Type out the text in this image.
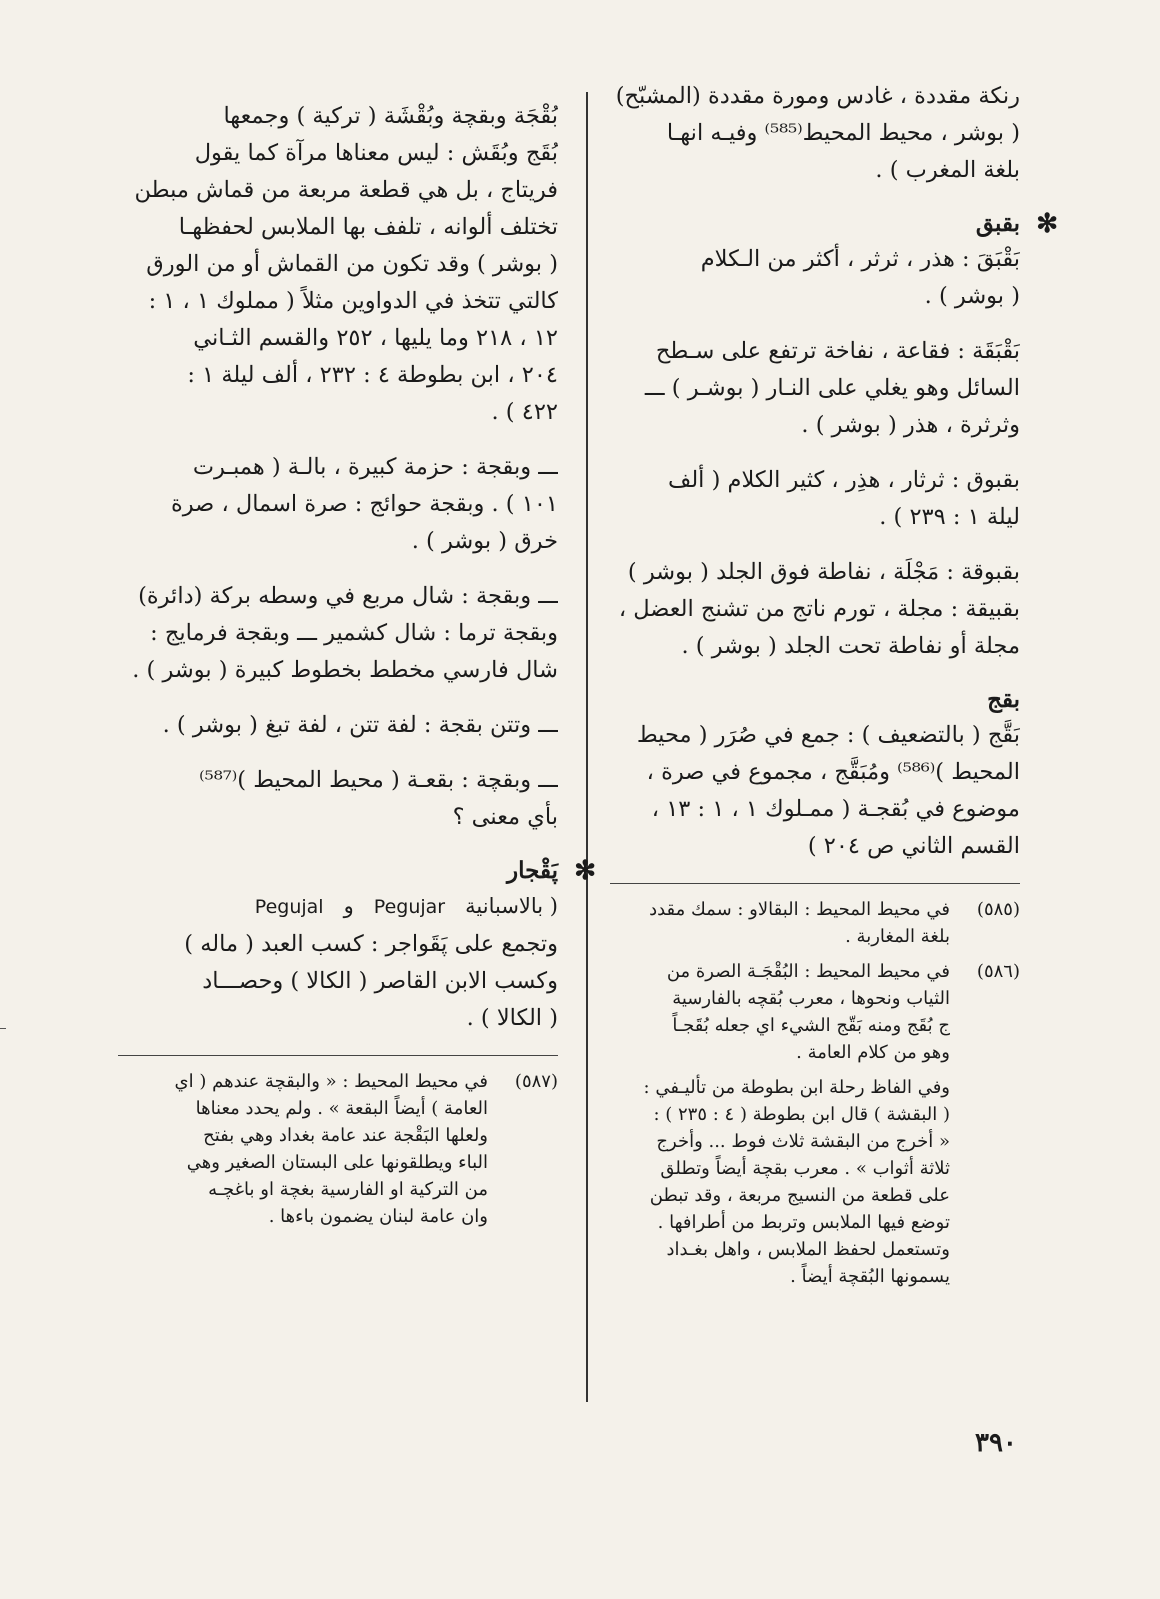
رنكة مقددة ، غادس ومورة مقددة (المشبّح)
( بوشر ، محيط المحيط⁽⁵⁸⁵⁾ وفيـه انهـا
بلغة المغرب ) .
✻
بقبق
بَقْبَقَ : هذر ، ثرثر ، أكثر من الـكلام
( بوشر ) .
بَقْبَقَة : فقاعة ، نفاخة ترتفع على سـطح
السائل وهو يغلي على النـار ( بوشـر ) ـــ
وثرثرة ، هذر ( بوشر ) .
بقبوق : ثرثار ، هذِر ، كثير الكلام ( ألف
ليلة ١ : ٢٣٩ ) .
بقبوقة : مَجْلَة ، نفاطة فوق الجلد ( بوشر )
بقبيقة : مجلة ، تورم ناتج من تشنج العضل ،
مجلة أو نفاطة تحت الجلد ( بوشر ) .
بقج
بَقَّج ( بالتضعيف ) : جمع في صُرَر ( محيط
المحيط )⁽⁵⁸⁶⁾ ومُبَقَّج ، مجموع في صرة ،
موضوع في بُقجـة ( ممـلوك ١ ، ١ : ١٣ ،
القسم الثاني ص ٢٠٤ )
(٥٨٥)
في محيط المحيط : البقالاو : سمك مقدد
بلغة المغاربة .
(٥٨٦)
في محيط المحيط : البُقْجَـة الصرة من
الثياب ونحوها ، معرب بُقچه بالفارسية
ج بُقَج ومنه بَقّج الشيء اي جعله بُقَجـاً
وهو من كلام العامة .
وفي الفاظ رحلة ابن بطوطة من تأليـفي :
( البقشة ) قال ابن بطوطة ( ٤ : ٢٣٥ ) :
« أخرج من البقشة ثلاث فوط ... وأخرج
ثلاثة أثواب » . معرب بقچة أيضاً وتطلق
على قطعة من النسيج مربعة ، وقد تبطن
توضع فيها الملابس وتربط من أطرافها .
وتستعمل لحفظ الملابس ، واهل بغـداد
يسمونها البُقچة أيضاً .
بُقْجَة وبقچة وبُقْشَة ( تركية ) وجمعها
بُقَج وبُقَش : ليس معناها مرآة كما يقول
فريتاج ، بل هي قطعة مربعة من قماش مبطن
تختلف ألوانه ، تلفف بها الملابس لحفظهـا
( بوشر ) وقد تكون من القماش أو من الورق
كالتي تتخذ في الدواوين مثلاً ( مملوك ١ ، ١ :
١٢ ، ٢١٨ وما يليها ، ٢٥٢ والقسم الثـاني
٢٠٤ ، ابن بطوطة ٤ : ٢٣٢ ، ألف ليلة ١ :
٤٢٢ ) .
ـــ وبقجة : حزمة كبيرة ، بالـة ( همبـرت
١٠١ ) . وبقجة حوائج : صرة اسمال ، صرة
خرق ( بوشر ) .
ـــ وبقجة : شال مربع في وسطه بركة (دائرة)
وبقجة ترما : شال كشمير ـــ وبقجة فرمايج :
شال فارسي مخطط بخطوط كبيرة ( بوشر ) .
ـــ وتتن بقجة : لفة تتن ، لفة تبغ ( بوشر ) .
ـــ وبقچة : بقعـة ( محيط المحيط )⁽⁵⁸⁷⁾
بأي معنى ؟
✻
پَقْجار
( بالاسبانية   Pegujar   و   Pegujal
وتجمع على پَقَواجر : كسب العبد ( ماله )
وكسب الابن القاصر ( الكالا ) وحصـــاد
( الكالا ) .
(٥٨٧)
في محيط المحيط : « والبقچة عندهم ( اي
العامة ) أيضاً البقعة » . ولم يحدد معناها
ولعلها البَقْجة عند عامة بغداد وهي بفتح
الباء ويطلقونها على البستان الصغير وهي
من التركية او الفارسية بغچة او باغچـه
وان عامة لبنان يضمون باءها .
٣٩٠
